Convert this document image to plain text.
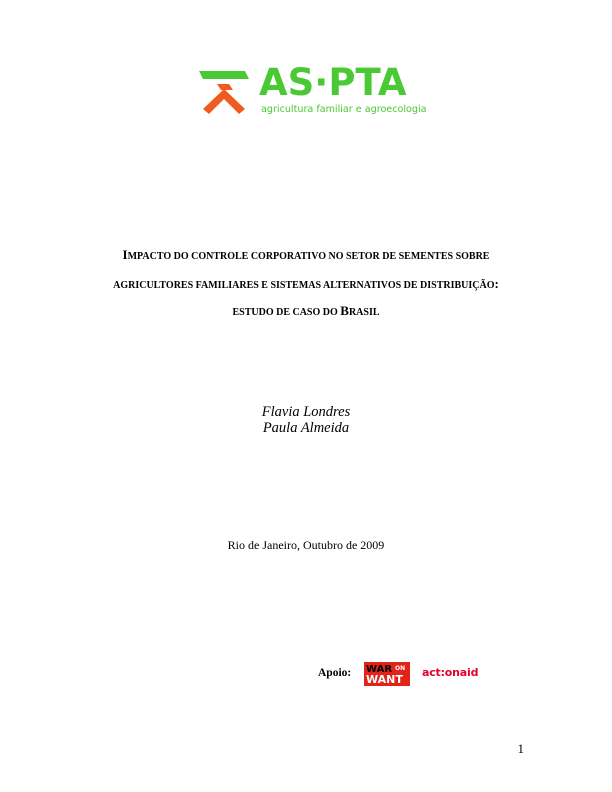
AS·PTA
agricultura familiar e agroecologia
IMPACTO DO CONTROLE CORPORATIVO NO SETOR DE SEMENTES SOBRE
AGRICULTORES FAMILIARES E SISTEMAS ALTERNATIVOS DE DISTRIBUIÇÃO:
ESTUDO DE CASO DO BRASIL
Flavia Londres
Paula Almeida
Rio de Janeiro, Outubro de 2009
Apoio: WAR ON
WANT
act:onaid
1
